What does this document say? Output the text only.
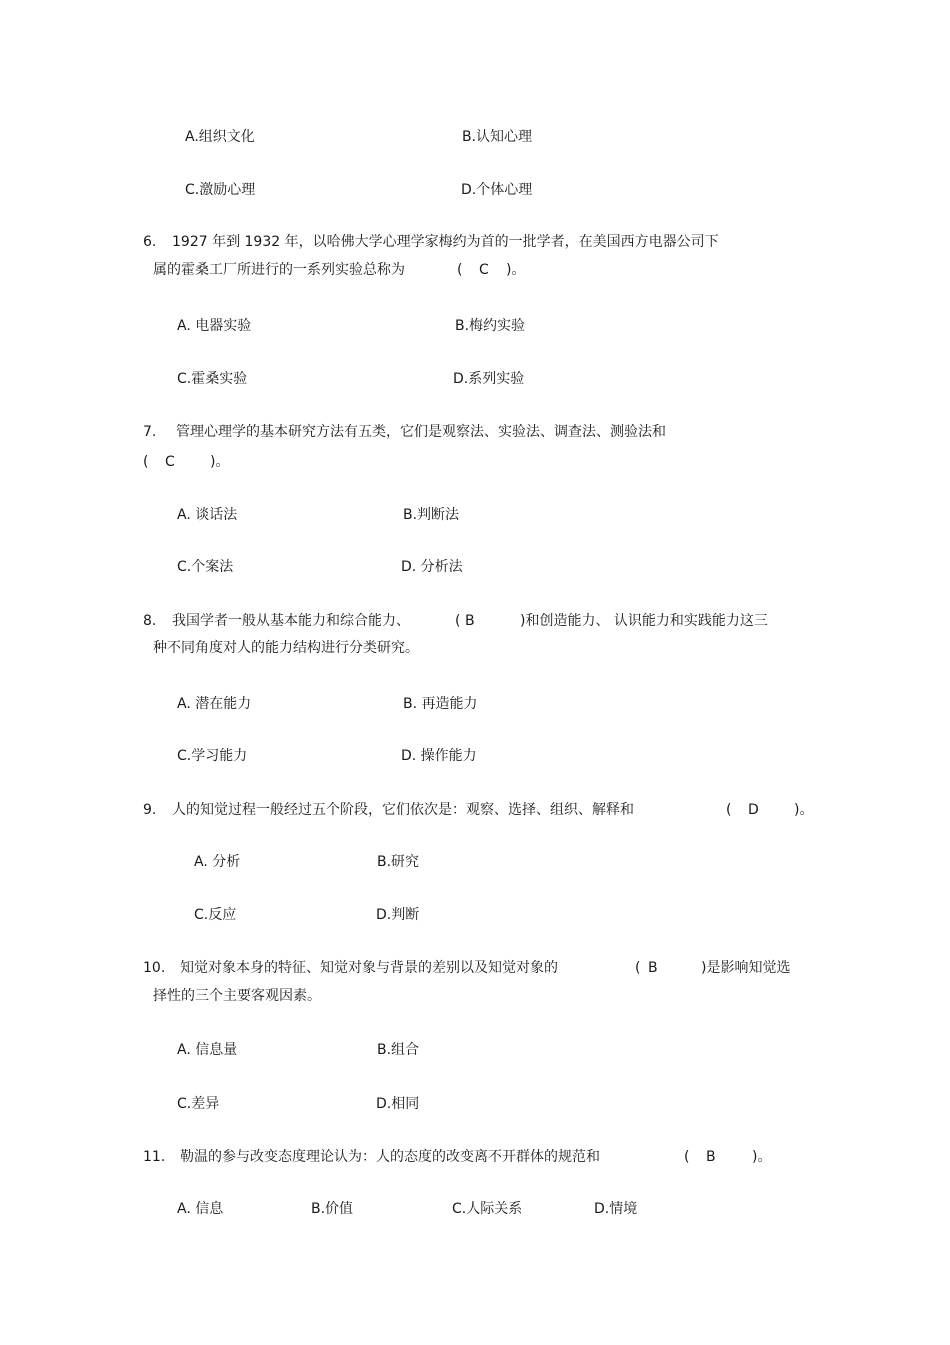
A.组织文化	B.认知心理
C.激励心理	D.个体心理
6. 1927 年到 1932 年，以哈佛大学心理学家梅约为首的一批学者，在美国西方电器公司下
属的霍桑工厂所进行的一系列实验总称为	( C )。
A. 电器实验	B.梅约实验
C.霍桑实验	D.系列实验
7. 管理心理学的基本研究方法有五类，它们是观察法、实验法、调查法、测验法和
( C	)。
A. 谈话法	B.判断法
C.个案法	D. 分析法
8. 我国学者一般从基本能力和综合能力、	( B	)和创造能力、 认识能力和实践能力这三
种不同角度对人的能力结构进行分类研究。
A. 潜在能力	B. 再造能力
C.学习能力	D. 操作能力
9. 人的知觉过程一般经过五个阶段，它们依次是：观察、选择、组织、解释和	( D	)。
A. 分析	B.研究
C.反应	D.判断
10. 知觉对象本身的特征、知觉对象与背景的差别以及知觉对象的	( B	)是影响知觉选
择性的三个主要客观因素。
A. 信息量	B.组合
C.差异	D.相同
11. 勒温的参与改变态度理论认为：人的态度的改变离不开群体的规范和	( B	)。
A. 信息	B.价值	C.人际关系	D.情境
